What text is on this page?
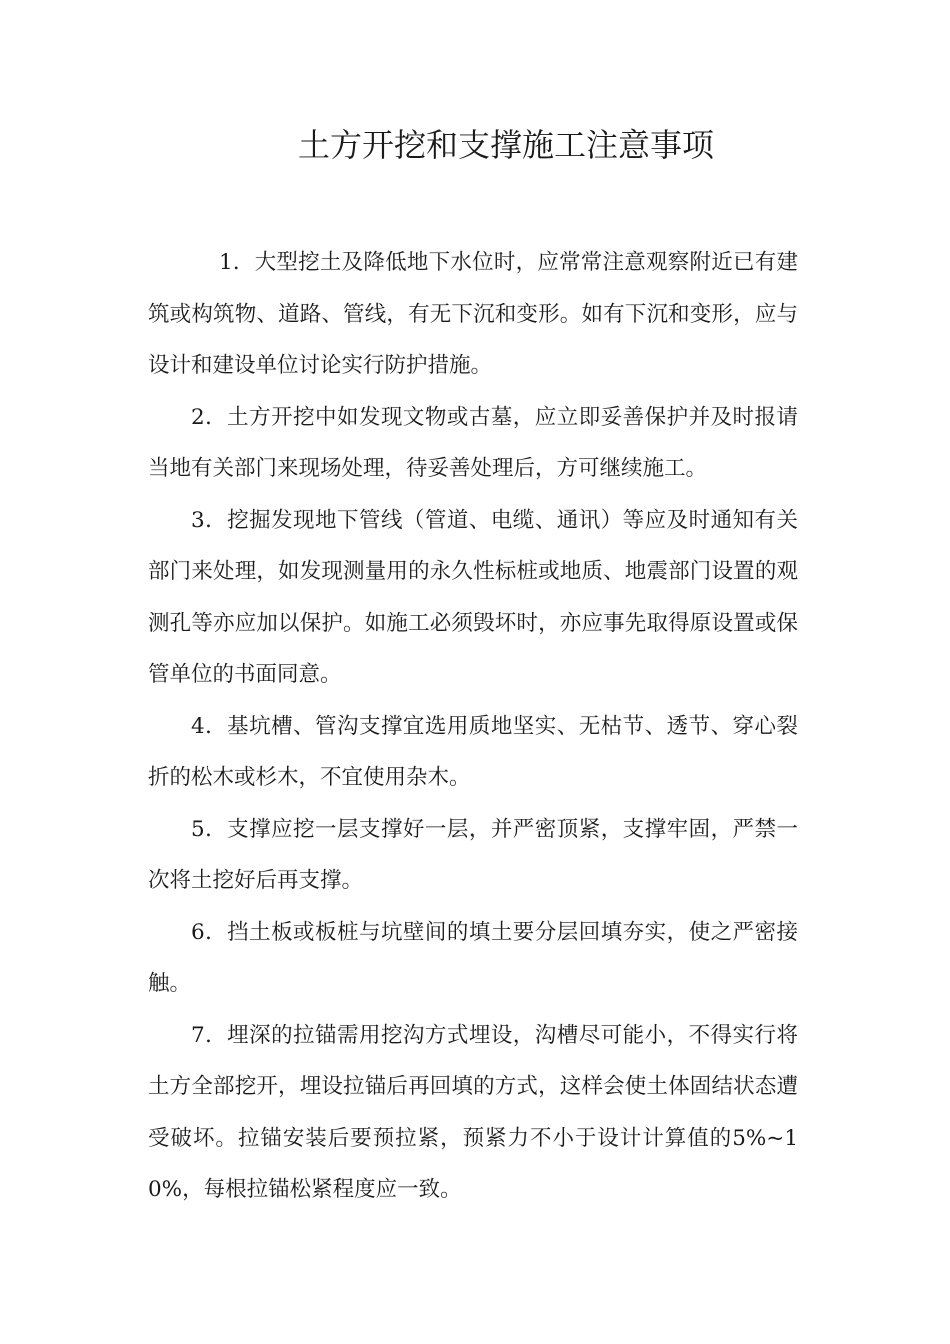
土方开挖和支撑施工注意事项

1．大型挖土及降低地下水位时，应常常注意观察附近已有建筑或构筑物、道路、管线，有无下沉和变形。如有下沉和变形，应与设计和建设单位讨论实行防护措施。

2．土方开挖中如发现文物或古墓，应立即妥善保护并及时报请当地有关部门来现场处理，待妥善处理后，方可继续施工。

3．挖掘发现地下管线（管道、电缆、通讯）等应及时通知有关部门来处理，如发现测量用的永久性标桩或地质、地震部门设置的观测孔等亦应加以保护。如施工必须毁坏时，亦应事先取得原设置或保管单位的书面同意。

4．基坑槽、管沟支撑宜选用质地坚实、无枯节、透节、穿心裂折的松木或杉木，不宜使用杂木。

5．支撑应挖一层支撑好一层，并严密顶紧，支撑牢固，严禁一次将土挖好后再支撑。

6．挡土板或板桩与坑壁间的填土要分层回填夯实，使之严密接触。

7．埋深的拉锚需用挖沟方式埋设，沟槽尽可能小，不得实行将土方全部挖开，埋设拉锚后再回填的方式，这样会使土体固结状态遭受破坏。拉锚安装后要预拉紧，预紧力不小于设计计算值的5%~10%，每根拉锚松紧程度应一致。
